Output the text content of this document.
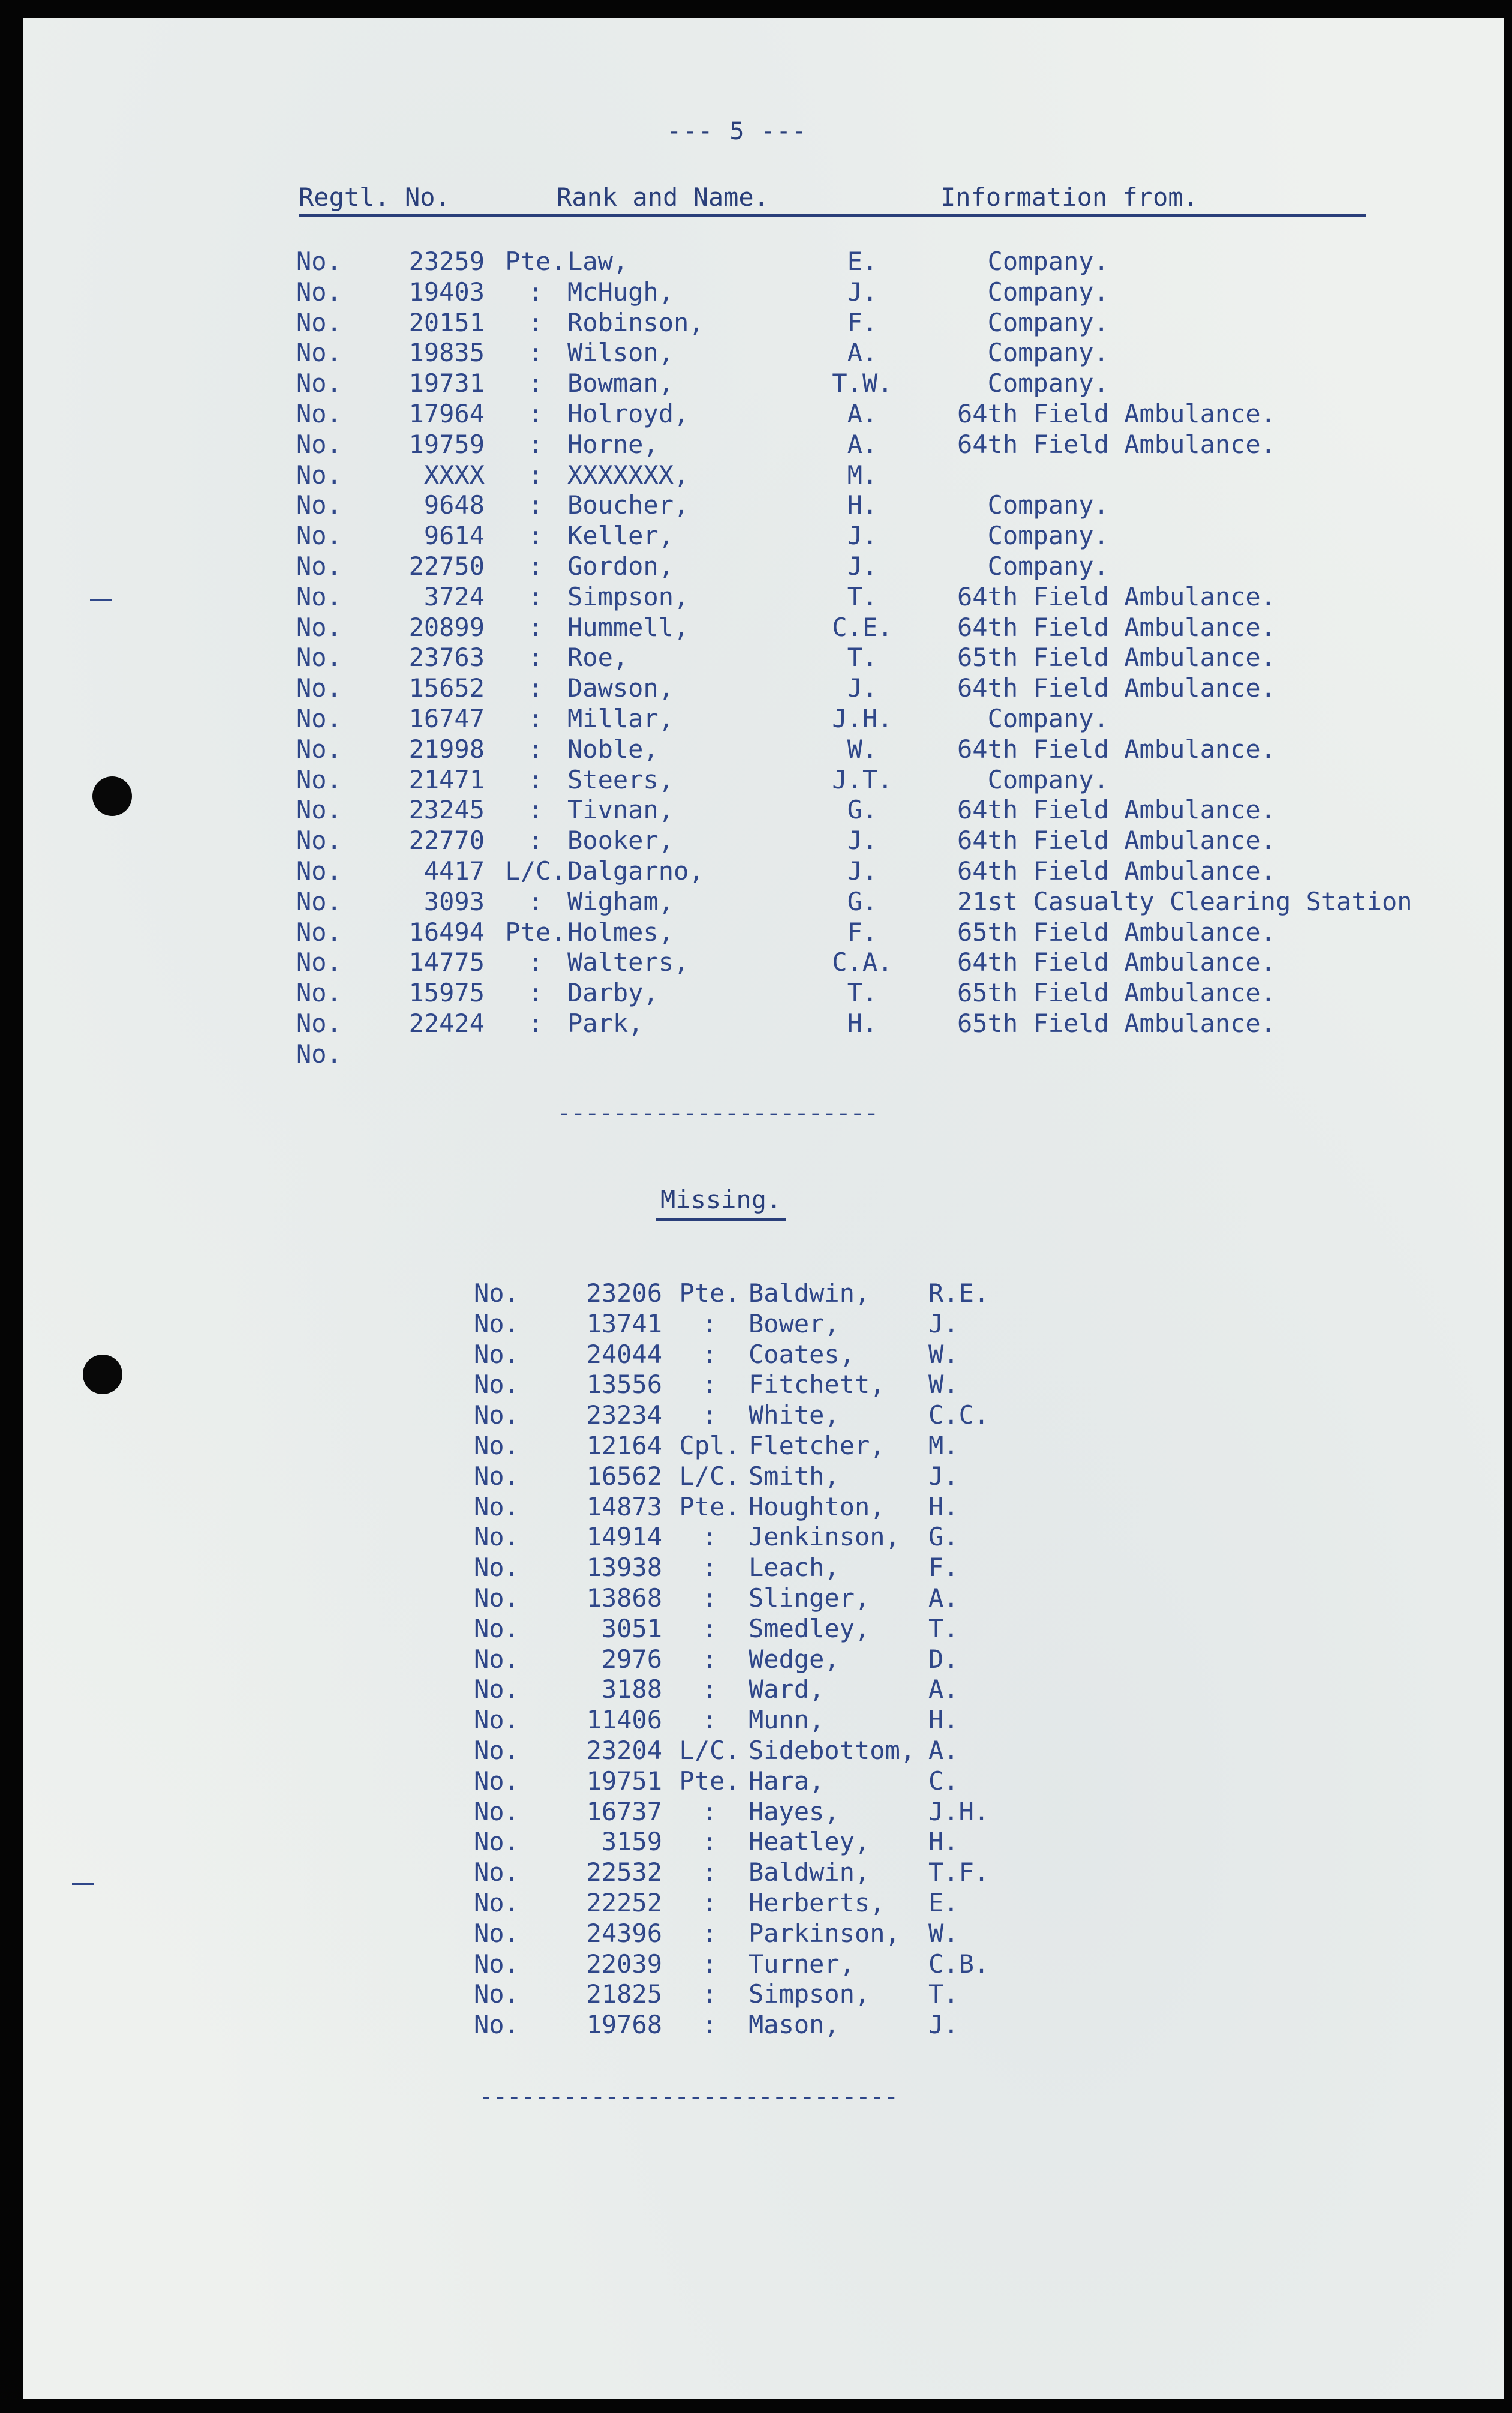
--- 5 ---
Regtl. No.	Rank and Name.	Information from.
No.	23259 Pte. Law,	E.	Company.
No.	19403	: McHugh,	J.	Company.
No.	20151	: Robinson,	F.	Company.
No.	19835	: Wilson,	A.	Company.
No.	19731	: Bowman,	T.W.	Company.
No.	17964	: Holroyd,	A.	64th Field Ambulance.
No.	19759	: Horne,	A.	64th Field Ambulance.
No.	XXXX	: XXXXXXX,	M.
No.	9648	: Boucher,	H.	Company.
No.	9614	: Keller,	J.	Company.
No.	22750	: Gordon,	J.	Company.
No.	3724	: Simpson,	T.	64th Field Ambulance.
No.	20899	: Hummell,	C.E.	64th Field Ambulance.
No.	23763	: Roe,	T.	65th Field Ambulance.
No.	15652	: Dawson,	J.	64th Field Ambulance.
No.	16747	: Millar,	J.H.	Company.
No.	21998	: Noble,	W.	64th Field Ambulance.
No.	21471	: Steers,	J.T.	Company.
No.	23245	: Tivnan,	G.	64th Field Ambulance.
No.	22770	: Booker,	J.	64th Field Ambulance.
No.	4417 L/C. Dalgarno,	J.	64th Field Ambulance.
No.	3093	: Wigham,	G.	21st Casualty Clearing Station
No.	16494 Pte. Holmes,	F.	65th Field Ambulance.
No.	14775	: Walters,	C.A.	64th Field Ambulance.
No.	15975	: Darby,	T.	65th Field Ambulance.
No.	22424	: Park,	H.	65th Field Ambulance.
No.
-----------------------
Missing.
No.	23206 Pte. Baldwin, R.E.
No.	13741	:	Bower,	J.
No.	24044	:	Coates,	W.
No.	13556	:	Fitchett, W.
No.	23234	:	White,	C.C.
No.	12164 Cpl. Fletcher, M.
No.	16562 L/C. Smith,	J.
No.	14873 Pte. Houghton, H.
No.	14914	:	Jenkinson, G.
No.	13938	:	Leach,	F.
No.	13868	:	Slinger, A.
No.	3051	:	Smedley, T.
No.	2976	:	Wedge,	D.
No.	3188	:	Ward,	A.
No.	11406	:	Munn,	H.
No.	23204 L/C. Sidebottom, A.
No.	19751 Pte. Hara,	C.
No.	16737	:	Hayes,	J.H.
No.	3159	:	Heatley, H.
No.	22532	:	Baldwin, T.F.
No.	22252	:	Herberts, E.
No.	24396	:	Parkinson, W.
No.	22039	:	Turner,	C.B.
No.	21825	:	Simpson, T.
No.	19768	:	Mason,	J.
------------------------------
